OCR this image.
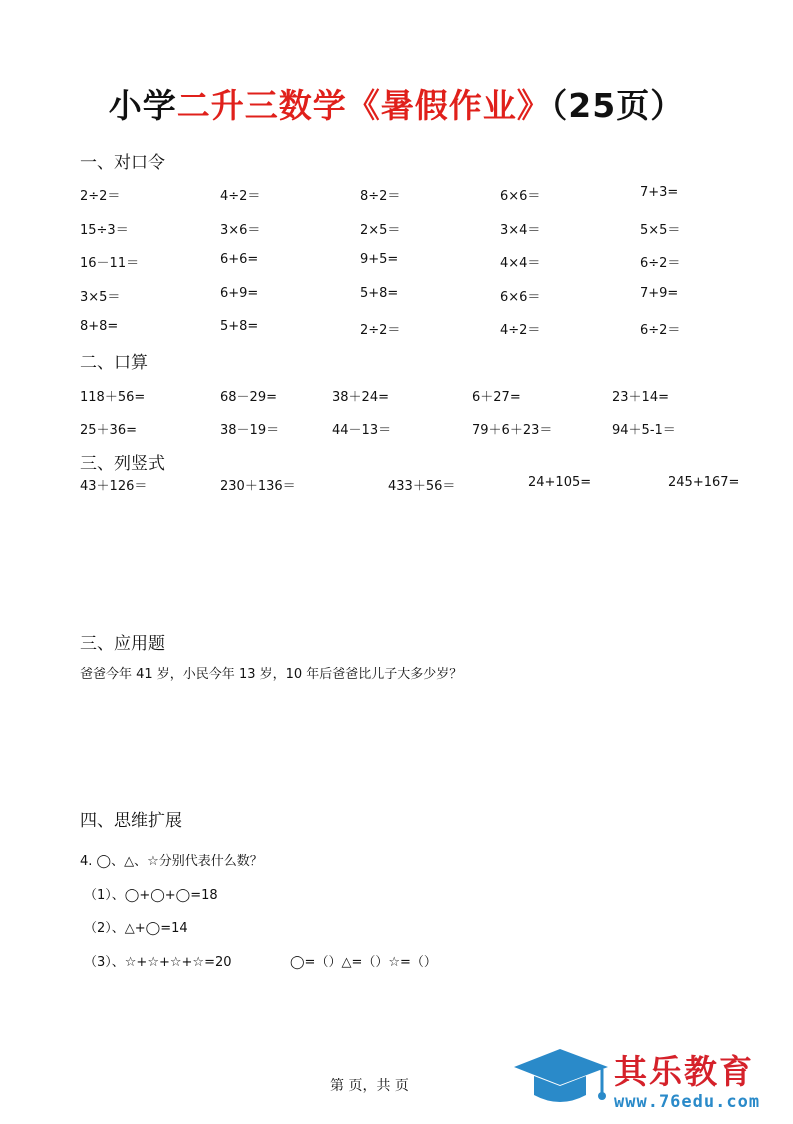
小学二升三数学《暑假作业》（25页）
一、对口令
2÷2＝	4÷2＝	8÷2＝	6×6＝	7+3=
15÷3＝	3×6＝	2×5＝	3×4＝	5×5＝
16－11＝	6+6=	9+5=	4×4＝	6÷2＝
3×5＝	6+9=	5+8=	6×6＝	7+9=
8+8=	5+8=	2÷2＝	4÷2＝	6÷2＝
二、口算
118＋56=	68－29=	38＋24=	6＋27=	23＋14=
25＋36=	38－19＝	44－13＝	79＋6＋23＝	94＋5-1＝
三、列竖式
43＋126＝	230＋136＝	433＋56＝	24+105=	245+167=
三、应用题
爸爸今年 41 岁，小民今年 13 岁，10 年后爸爸比儿子大多少岁？
四、思维扩展
4. ◯、△、☆分别代表什么数？
（1）、◯+◯+◯=18
（2）、△+◯=14
（3）、☆+☆+☆+☆=20	◯=（）△=（）☆=（）
第 页，共 页	其乐教育
www.76edu.com
